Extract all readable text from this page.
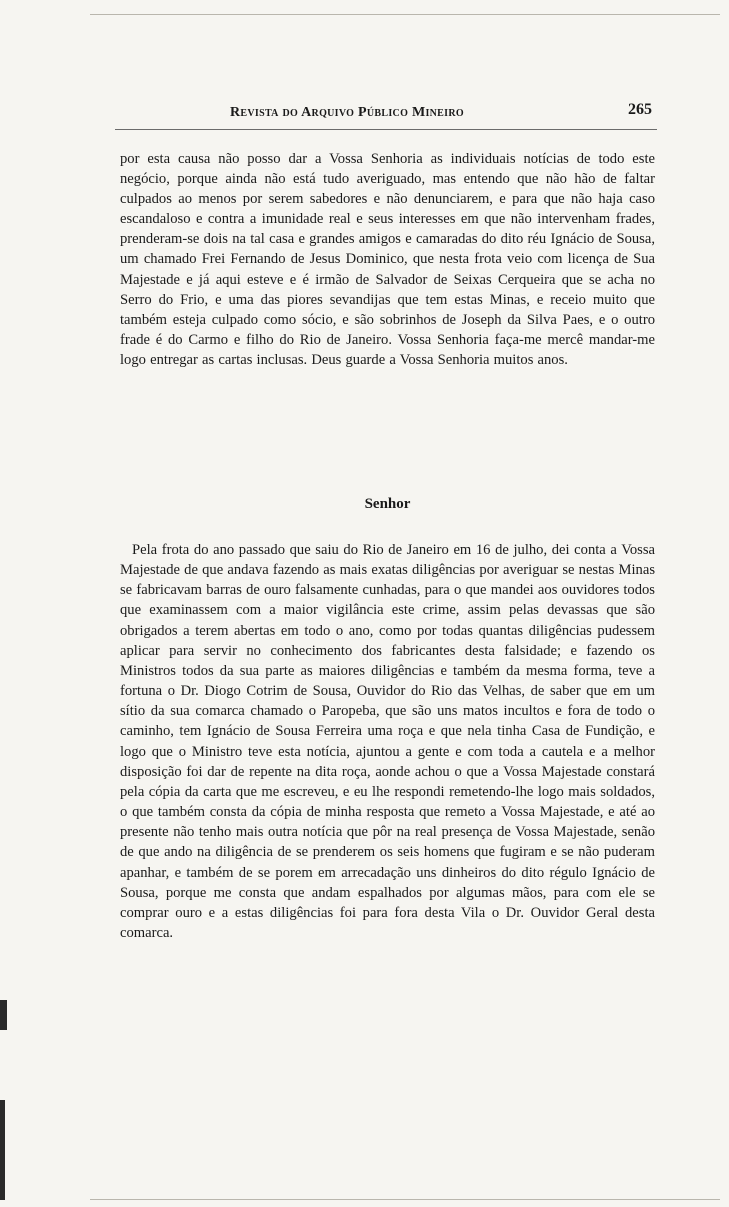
Revista do Arquivo Público Mineiro	265

por esta causa não posso dar a Vossa Senhoria as individuais notícias de todo este negócio, porque ainda não está tudo averiguado, mas entendo que não hão de faltar culpados ao menos por serem sabedores e não denunciarem, e para que não haja caso escandaloso e contra a imunidade real e seus interesses em que não intervenham frades, prenderam-se dois na tal casa e grandes amigos e camaradas do dito réu Ignácio de Sousa, um chamado Frei Fernando de Jesus Dominico, que nesta frota veio com licença de Sua Majestade e já aqui esteve e é irmão de Salvador de Seixas Cerqueira que se acha no Serro do Frio, e uma das piores sevandijas que tem estas Minas, e receio muito que também esteja culpado como sócio, e são sobrinhos de Joseph da Silva Paes, e o outro frade é do Carmo e filho do Rio de Janeiro. Vossa Senhoria faça-me mercê mandar-me logo entregar as cartas inclusas. Deus guarde a Vossa Senhoria muitos anos.

Senhor

Pela frota do ano passado que saiu do Rio de Janeiro em 16 de julho, dei conta a Vossa Majestade de que andava fazendo as mais exatas diligências por averiguar se nestas Minas se fabricavam barras de ouro falsamente cunhadas, para o que mandei aos ouvidores todos que examinassem com a maior vigilância este crime, assim pelas devassas que são obrigados a terem abertas em todo o ano, como por todas quantas diligências pudessem aplicar para servir no conhecimento dos fabricantes desta falsidade; e fazendo os Ministros todos da sua parte as maiores diligências e também da mesma forma, teve a fortuna o Dr. Diogo Cotrim de Sousa, Ouvidor do Rio das Velhas, de saber que em um sítio da sua comarca chamado o Paropeba, que são uns matos incultos e fora de todo o caminho, tem Ignácio de Sousa Ferreira uma roça e que nela tinha Casa de Fundição, e logo que o Ministro teve esta notícia, ajuntou a gente e com toda a cautela e a melhor disposição foi dar de repente na dita roça, aonde achou o que a Vossa Majestade constará pela cópia da carta que me escreveu, e eu lhe respondi remetendo-lhe logo mais soldados, o que também consta da cópia de minha resposta que remeto a Vossa Majestade, e até ao presente não tenho mais outra notícia que pôr na real presença de Vossa Majestade, senão de que ando na diligência de se prenderem os seis homens que fugiram e se não puderam apanhar, e também de se porem em arrecadação uns dinheiros do dito régulo Ignácio de Sousa, porque me consta que andam espalhados por algumas mãos, para com ele se comprar ouro e a estas diligências foi para fora desta Vila o Dr. Ouvidor Geral desta comarca.
